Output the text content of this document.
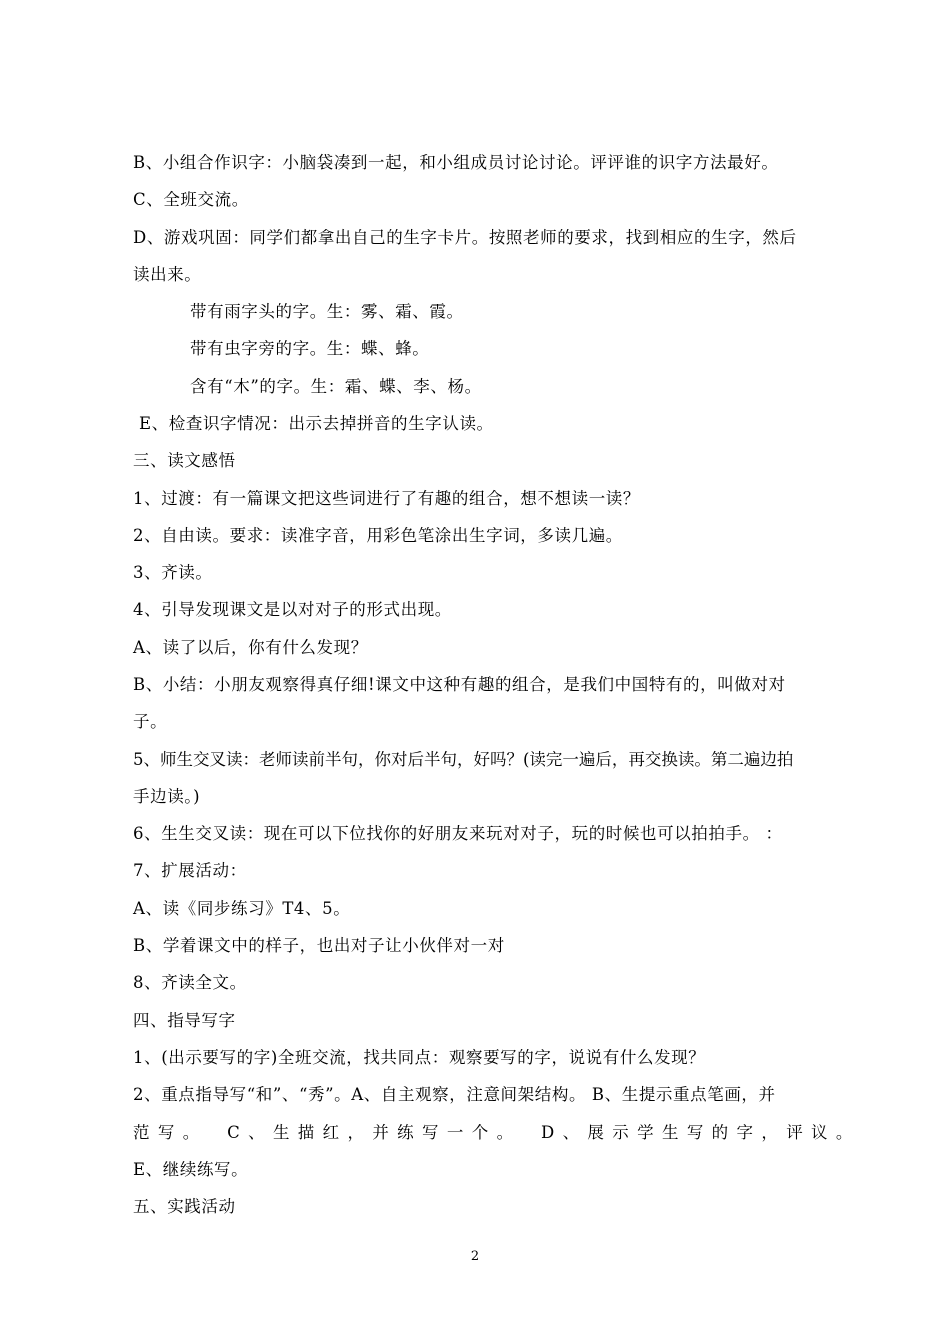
B、小组合作识字：小脑袋凑到一起，和小组成员讨论讨论。评评谁的识字方法最好。
C、全班交流。
D、游戏巩固：同学们都拿出自己的生字卡片。按照老师的要求，找到相应的生字，然后
读出来。
带有雨字头的字。生：雾、霜、霞。
带有虫字旁的字。生：蝶、蜂。
含有“木”的字。生：霜、蝶、李、杨。
E、检查识字情况：出示去掉拼音的生字认读。
三、读文感悟
1、过渡：有一篇课文把这些词进行了有趣的组合，想不想读一读？
2、自由读。要求：读准字音，用彩色笔涂出生字词，多读几遍。
3、齐读。
4、引导发现课文是以对对子的形式出现。
A、读了以后，你有什么发现？
B、小结：小朋友观察得真仔细!课文中这种有趣的组合，是我们中国特有的，叫做对对
子。
5、师生交叉读：老师读前半句，你对后半句，好吗？(读完一遍后，再交换读。第二遍边拍
手边读。)
6、生生交叉读：现在可以下位找你的好朋友来玩对对子，玩的时候也可以拍拍手。 ：
7、扩展活动：
A、读《同步练习》T4、5。
B、学着课文中的样子，也出对子让小伙伴对一对
8、齐读全文。
四、指导写字
1、(出示要写的字)全班交流，找共同点：观察要写的字，说说有什么发现？
2、重点指导写“和”、“秀”。A、自主观察，注意间架结构。 B、生提示重点笔画，并
范写。 C、生描红，并练写一个。 D、展示学生写的字，评议。
E、继续练写。
五、实践活动
2
